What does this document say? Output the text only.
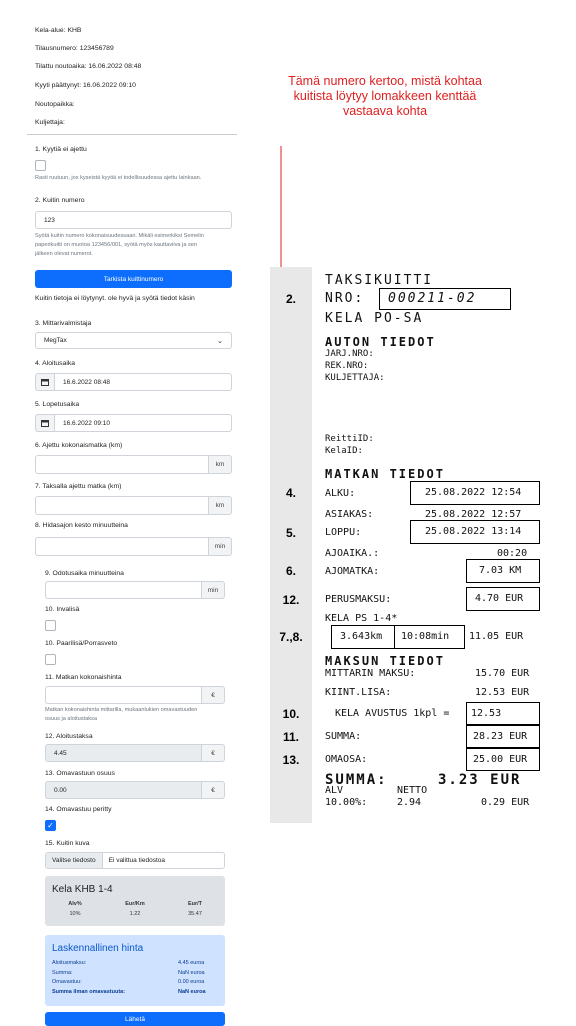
Kela-alue: KHB
Tilausnumero: 123456789
Tilattu noutoaika: 16.06.2022 08:48
Kyyti päättynyt: 16.06.2022 09:10
Noutopaikka:
Kuljettaja:
1. Kyytiä ei ajettu
Rasti ruutuun, jos kyseistä kyytiä ei todellisuudessa ajettu lainkaan.
2. Kuitin numero
123
Syötä kuitin numero kokonaisuudessaan. Mikäli esimerkiksi Semelin
paperikuitti on muotoa 123456/001, syötä myös kauttaviiva ja sen
jälkeen olevat numerot.
Tarkista kuittinumero
Kuitin tietoja ei löytynyt. ole hyvä ja syötä tiedot käsin
3. Mittarivalmistaja
MegTax	⌄
4. Aloitusaika
16.6.2022 08:48
5. Lopetusaika
16.6.2022 09:10
6. Ajettu kokonaismatka (km)
km
7. Taksalla ajettu matka (km)
km
8. Hidasajon kesto minuutteina
min
9. Odotusaika minuutteina
min
10. Invalisä
10. Paarilisä/Porrasveto
11. Matkan kokonaishinta
€
Matkan kokonaishinta mittarilla, mukaanlukien omavastuuden
osuus ja aloitustaksa
12. Aloitustaksa
4.45	€
13. Omavastuun osuus
0.00	€
14. Omavastuu peritty
✓
15. Kuitin kuva
Valitse tiedosto	Ei valittua tiedostoa
Kela KHB 1-4
Alv%	Eur/Km	Eur/T
10%	1.22	35.47
Laskennallinen hinta
Aloitusmaksu:	4.45 euroa
Summa:	NaN euroa
Omavastuu:	0.00 euroa
Summa ilman omavastuuta:	NaN euroa
Lähetä
Tämä numero kertoo, mistä kohtaa kuitista löytyy lomakkeen kenttää vastaava kohta
2.
4.
5.
6.
12.
7.,8.
10.
11.
13.
TAKSIKUITTI
NRO: 000211-02
KELA PO-SA
AUTON TIEDOT
JARJ.NRO:
REK.NRO:
KULJETTAJA:
ReittiID:
KelaID:
MATKAN TIEDOT
ALKU:	25.08.2022 12:54
ASIAKAS:	25.08.2022 12:57
LOPPU:	25.08.2022 13:14
AJOAIKA.:	00:20
AJOMATKA:	7.03 KM
PERUSMAKSU:	4.70 EUR
KELA PS 1-4*
3.643km 10:08min 11.05 EUR
MAKSUN TIEDOT
MITTARIN MAKSU:	15.70 EUR
KIINT.LISA:	12.53 EUR
KELA AVUSTUS 1kpl = 12.53
SUMMA:	28.23 EUR
OMAOSA:	25.00 EUR
SUMMA:	3.23 EUR
ALV	NETTO
10.00%:	2.94	0.29 EUR
